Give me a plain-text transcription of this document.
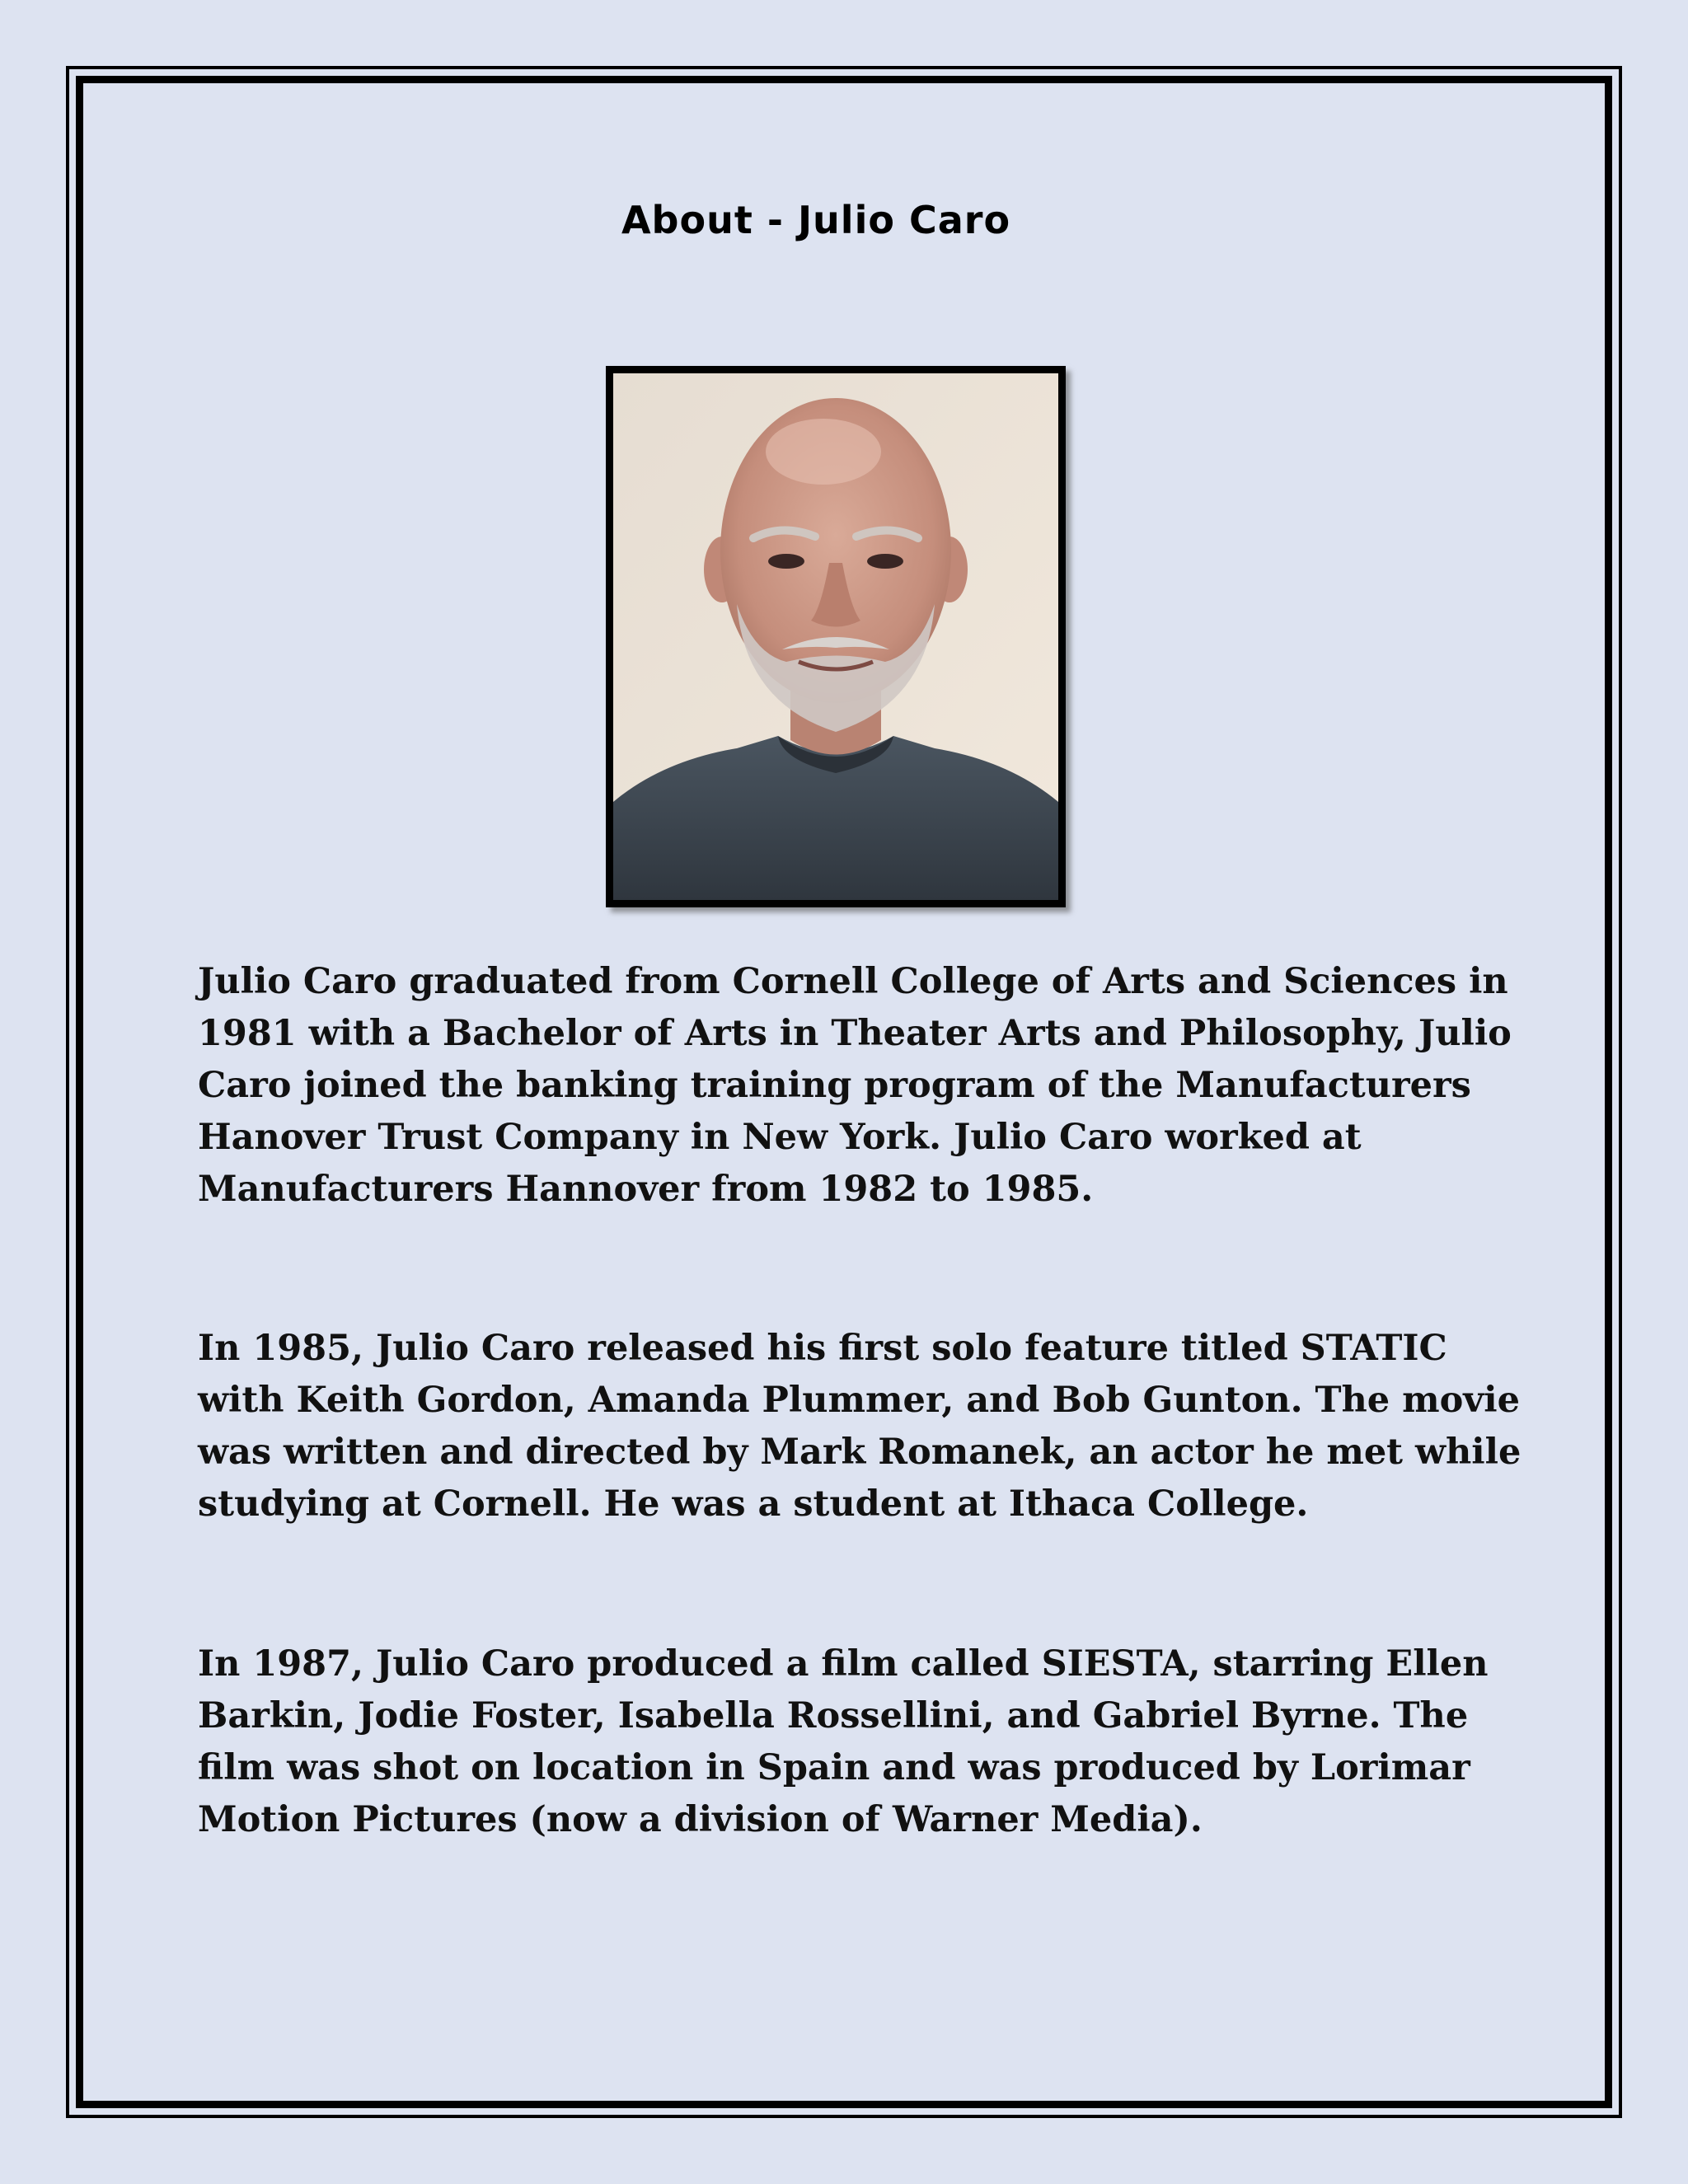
About - Julio Caro

Julio Caro graduated from Cornell College of Arts and Sciences in 1981 with a Bachelor of Arts in Theater Arts and Philosophy, Julio Caro joined the banking training program of the Manufacturers Hanover Trust Company in New York. Julio Caro worked at Manufacturers Hannover from 1982 to 1985.

In 1985, Julio Caro released his first solo feature titled STATIC with Keith Gordon, Amanda Plummer, and Bob Gunton. The movie was written and directed by Mark Romanek, an actor he met while studying at Cornell. He was a student at Ithaca College.

In 1987, Julio Caro produced a film called SIESTA, starring Ellen Barkin, Jodie Foster, Isabella Rossellini, and Gabriel Byrne. The film was shot on location in Spain and was produced by Lorimar Motion Pictures (now a division of Warner Media).
